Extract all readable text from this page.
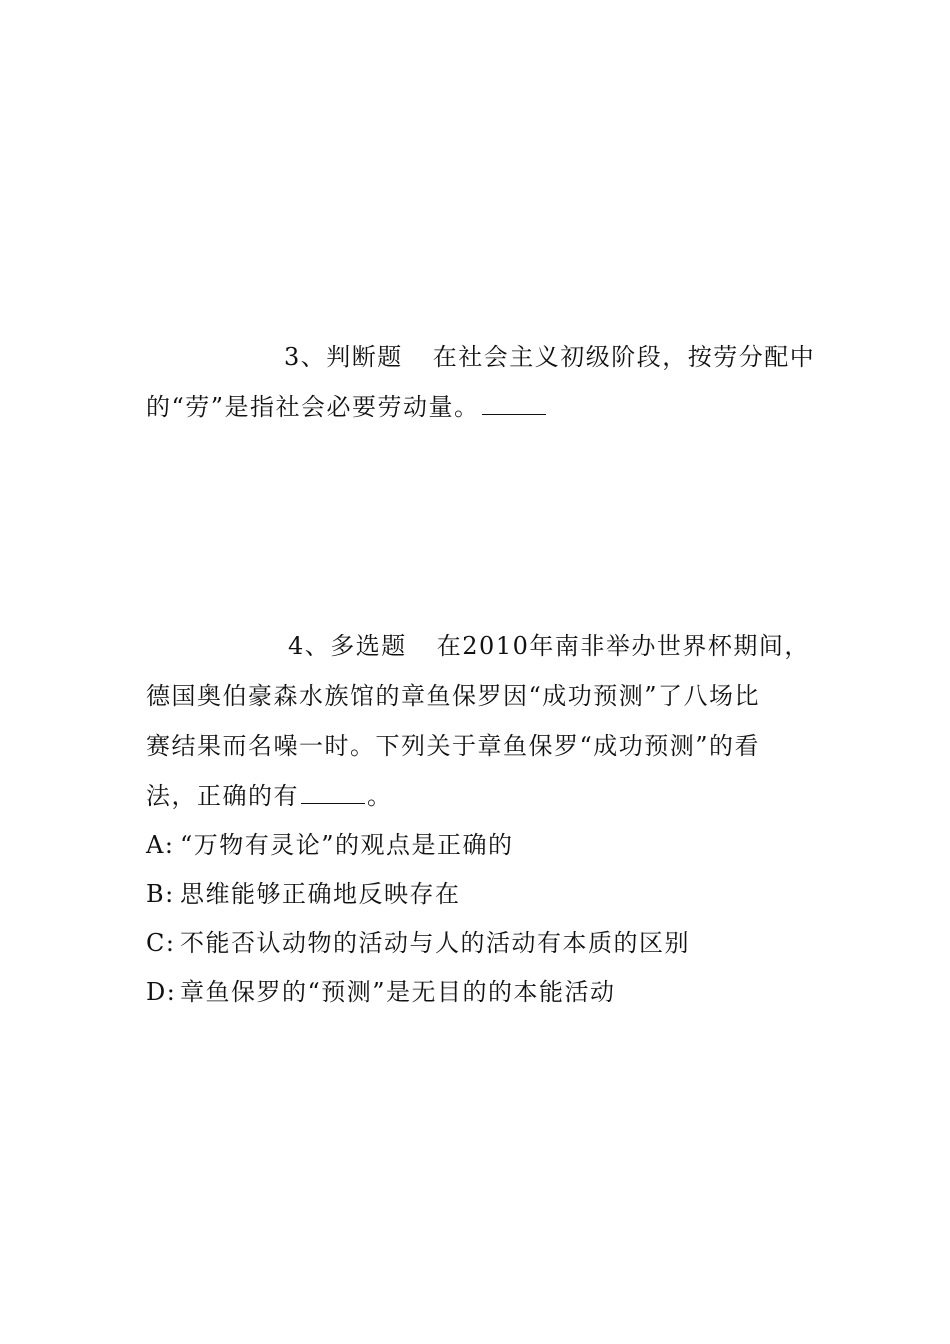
3、判断题 在社会主义初级阶段，按劳分配中
的“劳”是指社会必要劳动量。
4、多选题 在2010年南非举办世界杯期间，
德国奥伯豪森水族馆的章鱼保罗因“成功预测”了八场比
赛结果而名噪一时。下列关于章鱼保罗“成功预测”的看
法，正确的有	。
A: “万物有灵论”的观点是正确的
B: 思维能够正确地反映存在
C: 不能否认动物的活动与人的活动有本质的区别
D: 章鱼保罗的“预测”是无目的的本能活动
